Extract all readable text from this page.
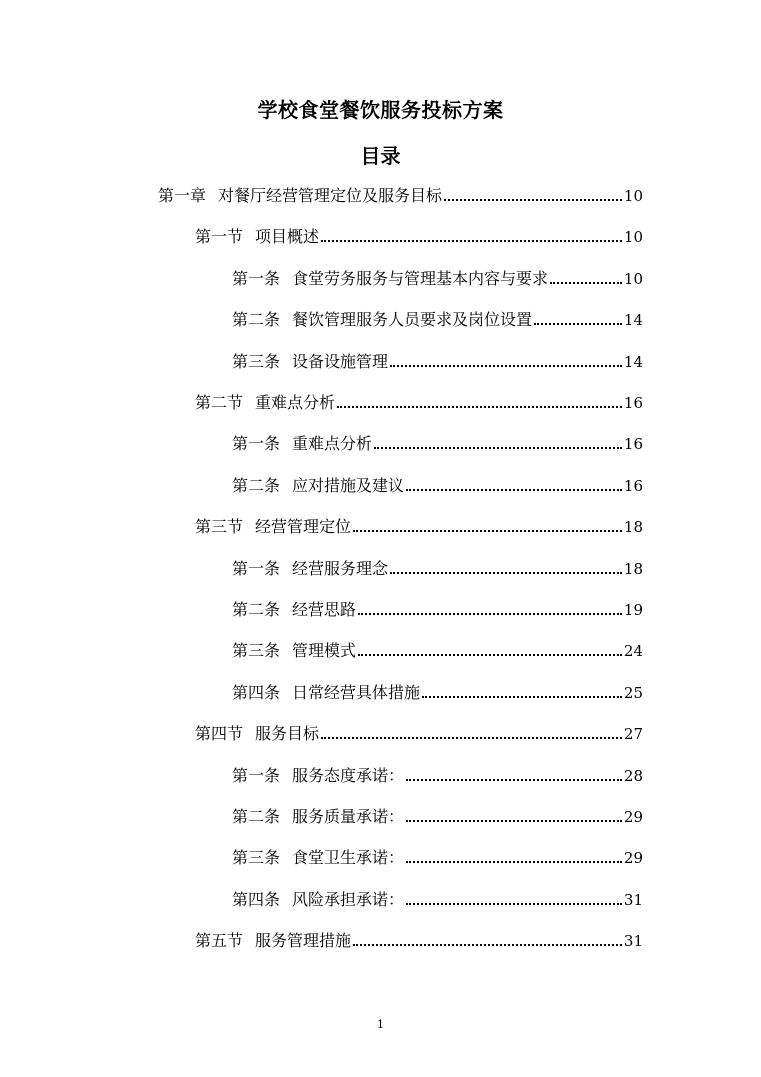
学校食堂餐饮服务投标方案
目录
第一章 对餐厅经营管理定位及服务目标	10
第一节 项目概述	10
第一条 食堂劳务服务与管理基本内容与要求	10
第二条 餐饮管理服务人员要求及岗位设置	14
第三条 设备设施管理	14
第二节 重难点分析	16
第一条 重难点分析	16
第二条 应对措施及建议	16
第三节 经营管理定位	18
第一条 经营服务理念	18
第二条 经营思路	19
第三条 管理模式	24
第四条 日常经营具体措施	25
第四节 服务目标	27
第一条 服务态度承诺：	28
第二条 服务质量承诺：	29
第三条 食堂卫生承诺：	29
第四条 风险承担承诺：	31
第五节 服务管理措施	31
1
